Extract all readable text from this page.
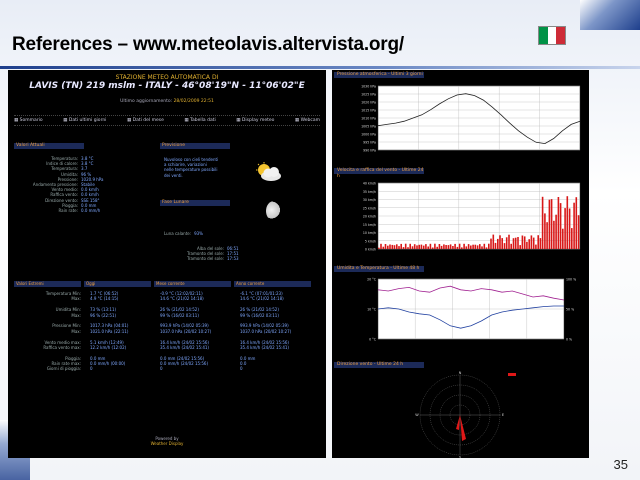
References – www.meteolavis.altervista.org/
STAZIONE METEO AUTOMATICA DI
LAVIS (TN) 219 mslm - ITALY - 46°08'19"N - 11°06'02"E
Ultimo aggiornamento: 28/02/2009 22:51
▦ Sommario	▦ Dati ultimi giorni	▦ Dati del mese	▦ Tabella dati	▦ Display meteo	▦ Webcam
Valori Attuali	Previsione
Fase Lunare
Temperatura: 3.8 °C
Indice di calore: 3.8 °C
Temperatura: 3.7
Umidita: 96 %
Pressione: 1020.9 hPa
Andamento pressione: Stabile
Vento medio: 0.0 km/h
Raffica vento: 0.0 km/h
Direzione vento: SSE 158°
Pioggia: 0.0 mm
Rain rate: 0.0 mm/h
Nuvoloso con cieli tendenti
a schiarire, variazioni
nelle temperature possibili
dei venti.
Luna calante: 93%
Alba del sole: 06:51
Tramonto del sole: 17:51
Tramonto del sole: 17:53
Valori Estremi	Oggi	Mese corrente	Anno corrente
Temperatura Min:	1.7 °C (06:52)	-0.9 °C (12:02/02:11)	-6.1 °C (07:01/01:23)
Max:	4.9 °C (14:15)	14.6 °C (21/02 14:18)	14.6 °C (21/02 14:18)
Umidita Min:	73 % (13:11)	26 % (21/02 14:52)	26 % (21/02 14:52)
Max:	96 % (22:51)	99 % (16/02 03:11)	99 % (16/02 03:11)
Pressione Min:	1017.3 hPa (04:01)	993.9 hPa (14/02 05:39)	993.9 hPa (14/02 05:39)
Max:	1021.0 hPa (22:11)	1037.0 hPa (20/02 10:27)	1037.0 hPa (20/02 10:27)
Vento medio max:	5.1 km/h (12:49)	16.4 km/h (24/02 15:56)	16.4 km/h (24/02 15:56)
Raffica vento max:	12.2 km/h (12:02)	35.4 km/h (24/02 15:41)	35.4 km/h (24/02 15:41)
Pioggia:	0.0 mm	0.0 mm (24/02 15:56)	0.0 mm
Rain rate max:	0.0 mm/h (00:00)	0.0 mm/h (24/02 15:56)	0.0
Giorni di pioggia:	0	0	0
Powered by
Weather Display
Pressione atmosferica - Ultimi 3 giorni
1030 hPa
1025 hPa
1020 hPa
1015 hPa
1010 hPa
1005 hPa
1000 hPa
995 hPa
990 hPa
Velocita e raffica del vento - Ultime 24 h
40 km/h
35 km/h
30 km/h
25 km/h
20 km/h
15 km/h
10 km/h
5 km/h
0 km/h
Umidita e Temperatura - Ultime 48 h
20 °C
10 °C
0 °C
100 %
50 %
0 %
Direzione vento - Ultime 24 h
N
E
S
W
35
